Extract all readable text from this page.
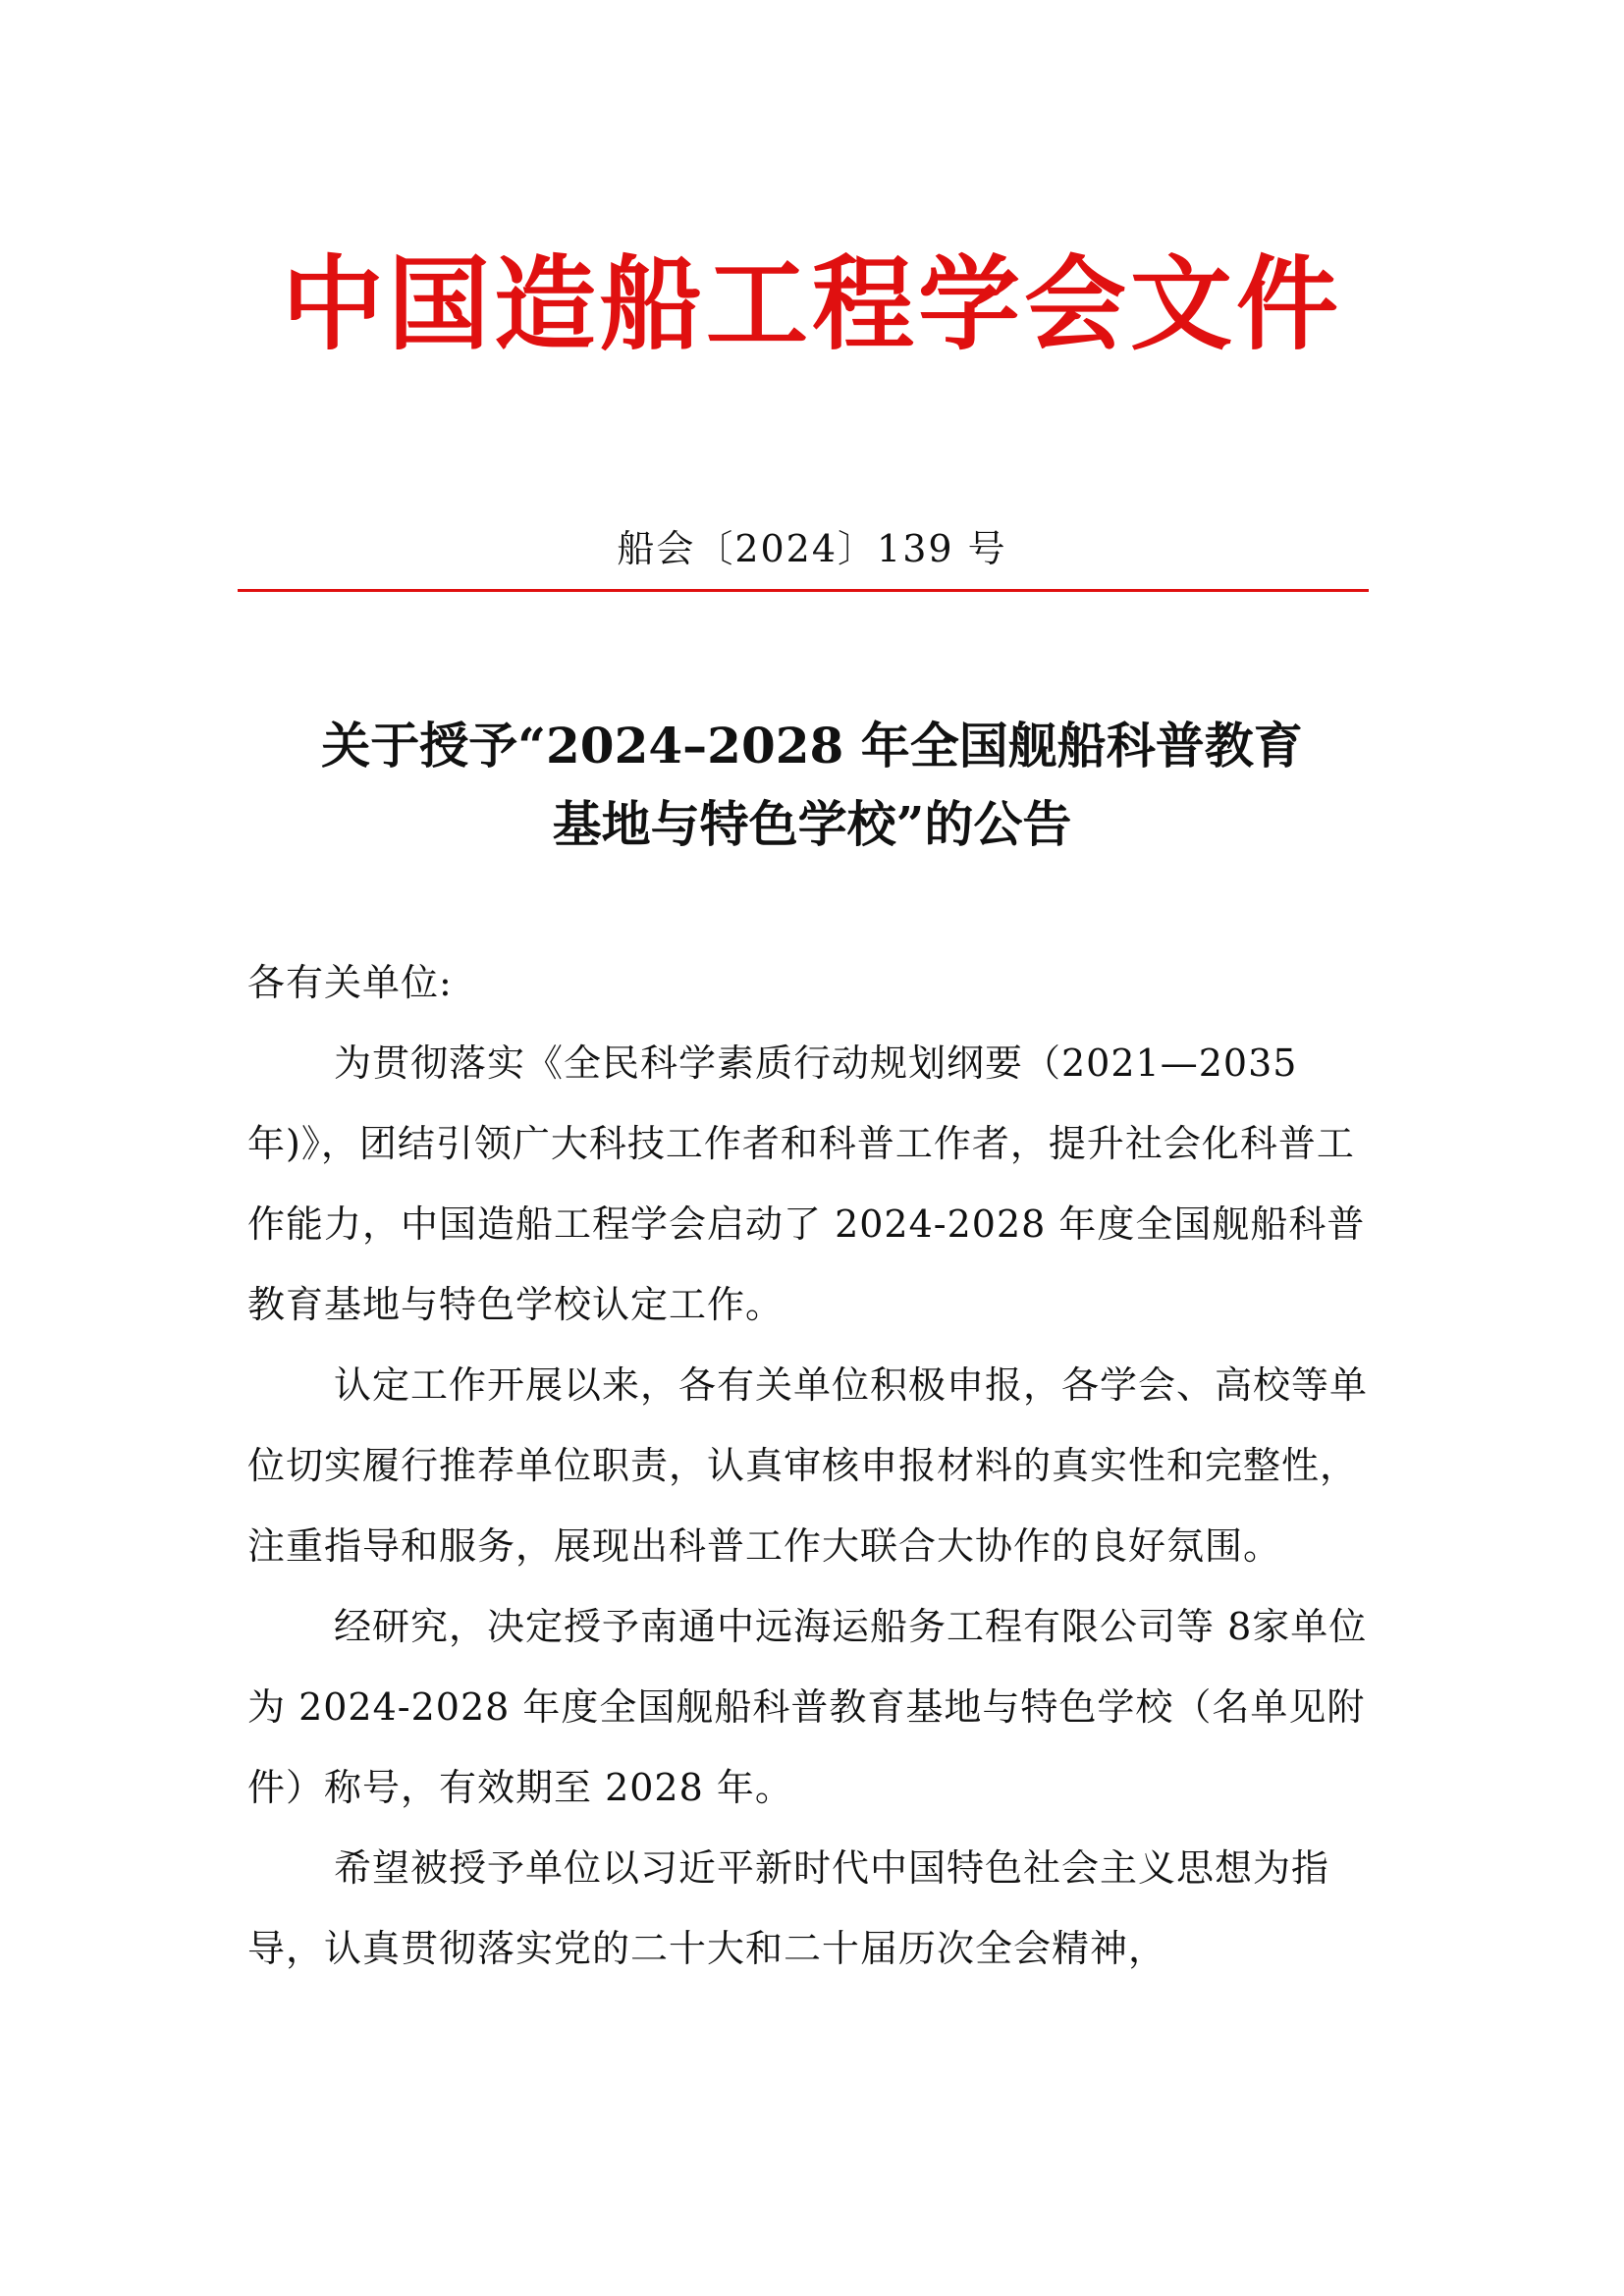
中国造船工程学会文件
船会〔2024〕139 号
关于授予“2024–2028 年全国舰船科普教育
基地与特色学校”的公告

各有关单位:

为贯彻落实《全民科学素质行动规划纲要（2021—2035年)》，团结引领广大科技工作者和科普工作者，提升社会化科普工作能力，中国造船工程学会启动了 2024-2028 年度全国舰船科普教育基地与特色学校认定工作。

认定工作开展以来，各有关单位积极申报，各学会、高校等单位切实履行推荐单位职责，认真审核申报材料的真实性和完整性，注重指导和服务，展现出科普工作大联合大协作的良好氛围。

经研究，决定授予南通中远海运船务工程有限公司等 8家单位为 2024-2028 年度全国舰船科普教育基地与特色学校（名单见附件）称号，有效期至 2028 年。

希望被授予单位以习近平新时代中国特色社会主义思想为指导，认真贯彻落实党的二十大和二十届历次全会精神，
